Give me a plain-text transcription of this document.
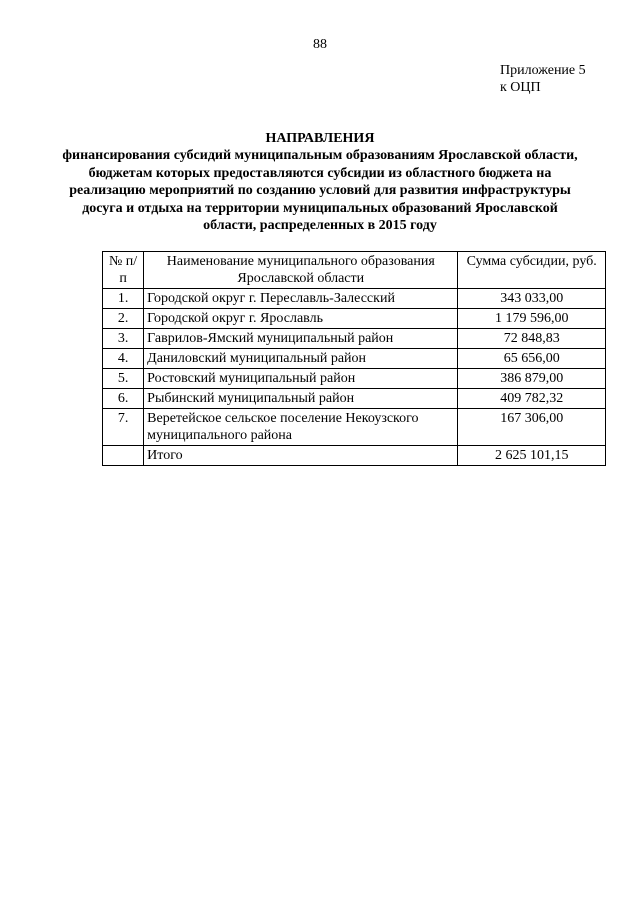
88
Приложение 5
к ОЦП
НАПРАВЛЕНИЯ
финансирования субсидий муниципальным образованиям Ярославской области, бюджетам которых предоставляются субсидии из областного бюджета на реализацию мероприятий по созданию условий для развития инфраструктуры досуга и отдыха на территории муниципальных образований Ярославской области, распределенных в 2015 году
№ п/п	Наименование муниципального образования Ярославской области	Сумма субсидии, руб.
1.	Городской округ г. Переславль-Залесский	343 033,00
2.	Городской округ г. Ярославль	1 179 596,00
3.	Гаврилов-Ямский муниципальный район	72 848,83
4.	Даниловский муниципальный район	65 656,00
5.	Ростовский муниципальный район	386 879,00
6.	Рыбинский муниципальный район	409 782,32
7.	Веретейское сельское поселение Некоузского муниципального района	167 306,00
	Итого	2 625 101,15
